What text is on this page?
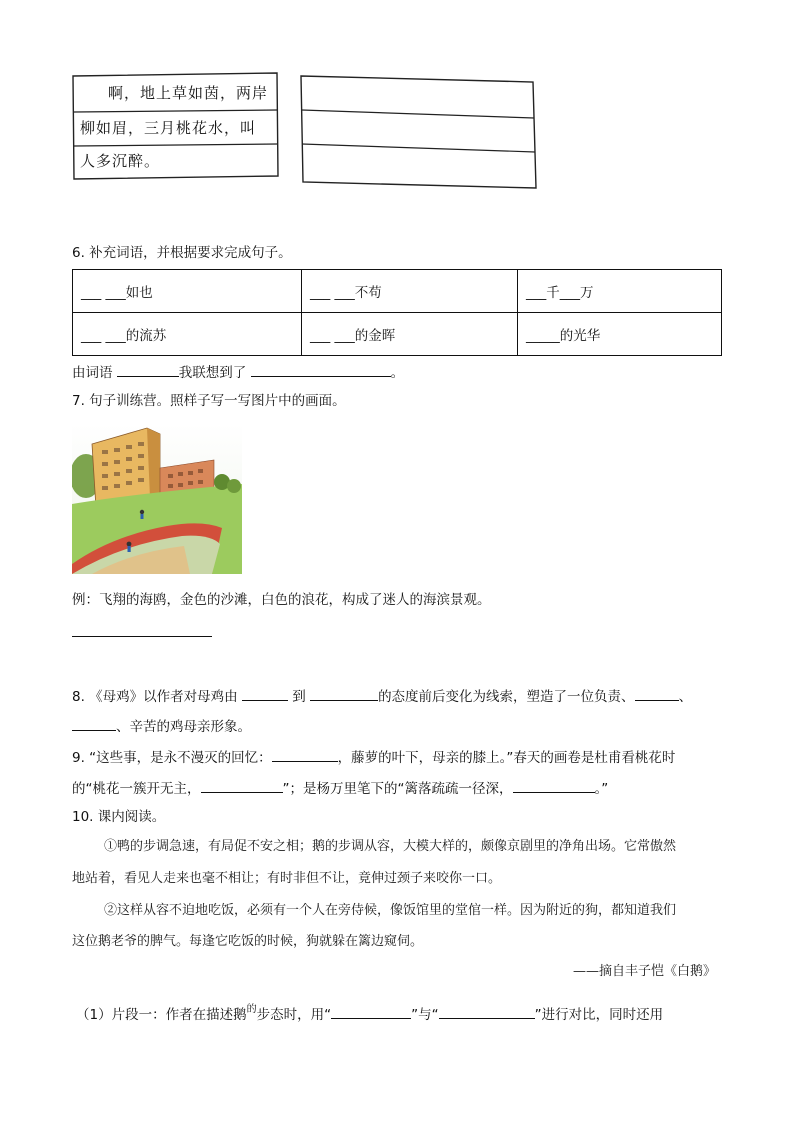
啊，地上草如茵，两岸
柳如眉，三月桃花水，叫
人多沉醉。
6. 补充词语，并根据要求完成句子。
___ ___如也	___ ___不苟	___千___万
___ ___的流苏	___ ___的金晖	_____的光华
由词语	我联想到了	。
7. 句子训练营。照样子写一写图片中的画面。
例：飞翔的海鸥，金色的沙滩，白色的浪花，构成了迷人的海滨景观。
8. 《母鸡》以作者对母鸡由	到	的态度前后变化为线索，塑造了一位负责、	、
、辛苦的鸡母亲形象。
9. “这些事，是永不漫灭的回忆：	，藤萝的叶下，母亲的膝上。”春天的画卷是杜甫看桃花时
的“桃花一簇开无主，	”；是杨万里笔下的“篱落疏疏一径深，	。”
10. 课内阅读。
①鸭的步调急速，有局促不安之相；鹅的步调从容，大模大样的，颇像京剧里的净角出场。它常傲然
地站着，看见人走来也毫不相让；有时非但不让，竟伸过颈子来咬你一口。
②这样从容不迫地吃饭，必须有一个人在旁侍候，像饭馆里的堂倌一样。因为附近的狗，都知道我们
这位鹅老爷的脾气。每逢它吃饭的时候，狗就躲在篱边窥伺。
——摘自丰子恺《白鹅》
（1）片段一：作者在描述鹅$^的$步态时，用“	”与“	”进行对比，同时还用
